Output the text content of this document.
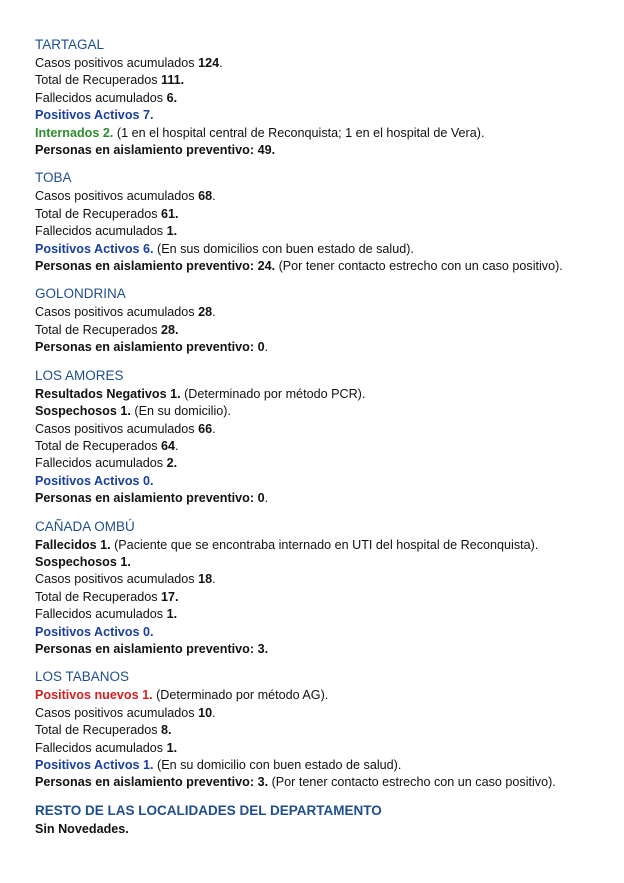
TARTAGAL
Casos positivos acumulados 124.
Total de Recuperados 111.
Fallecidos acumulados 6.
Positivos Activos 7.
Internados 2. (1 en el hospital central de Reconquista; 1 en el hospital de Vera).
Personas en aislamiento preventivo: 49.
TOBA
Casos positivos acumulados 68.
Total de Recuperados 61.
Fallecidos acumulados 1.
Positivos Activos 6. (En sus domicilios con buen estado de salud).
Personas en aislamiento preventivo: 24. (Por tener contacto estrecho con un caso positivo).
GOLONDRINA
Casos positivos acumulados 28.
Total de Recuperados 28.
Personas en aislamiento preventivo: 0.
LOS AMORES
Resultados Negativos 1. (Determinado por método PCR).
Sospechosos 1. (En su domicilio).
Casos positivos acumulados 66.
Total de Recuperados 64.
Fallecidos acumulados 2.
Positivos Activos 0.
Personas en aislamiento preventivo: 0.
CAÑADA OMBÚ
Fallecidos 1. (Paciente que se encontraba internado en UTI del hospital de Reconquista).
Sospechosos 1.
Casos positivos acumulados 18.
Total de Recuperados 17.
Fallecidos acumulados 1.
Positivos Activos 0.
Personas en aislamiento preventivo: 3.
LOS TABANOS
Positivos nuevos 1. (Determinado por método AG).
Casos positivos acumulados 10.
Total de Recuperados 8.
Fallecidos acumulados 1.
Positivos Activos 1. (En su domicilio con buen estado de salud).
Personas en aislamiento preventivo: 3. (Por tener contacto estrecho con un caso positivo).
RESTO DE LAS LOCALIDADES DEL DEPARTAMENTO
Sin Novedades.
